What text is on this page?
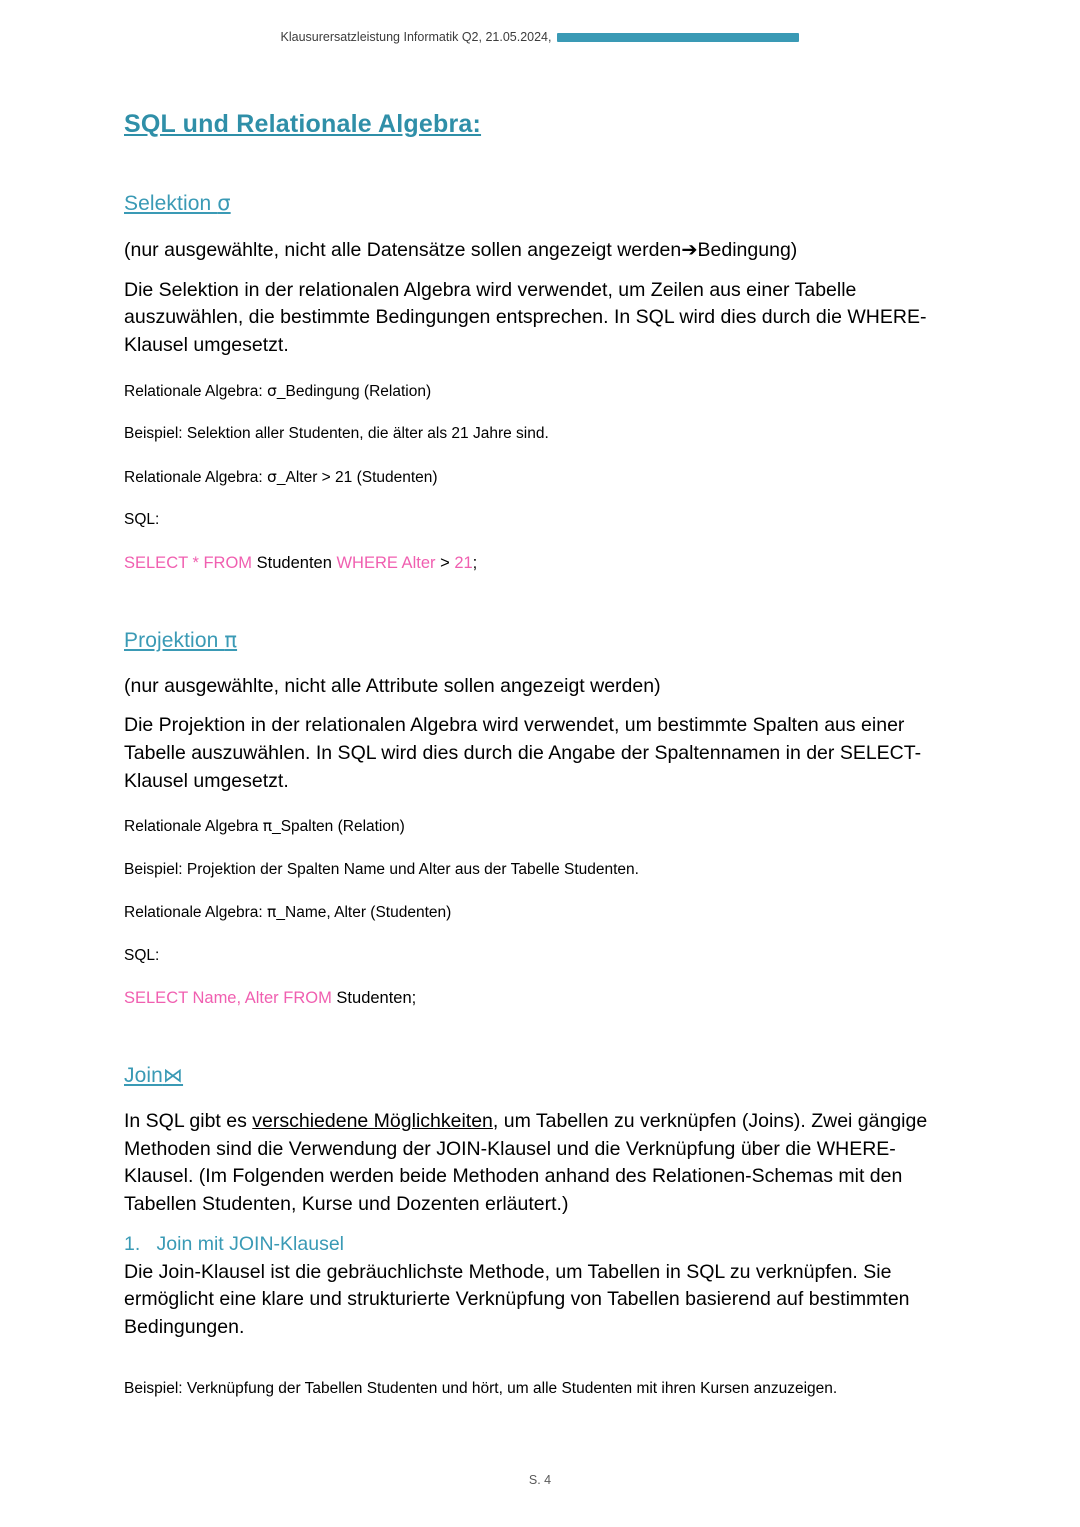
Klausurersatzleistung Informatik Q2, 21.05.2024,
SQL und Relationale Algebra:
Selektion σ

(nur ausgewählte, nicht alle Datensätze sollen angezeigt werden➔Bedingung)

Die Selektion in der relationalen Algebra wird verwendet, um Zeilen aus einer Tabelle auszuwählen, die bestimmte Bedingungen entsprechen. In SQL wird dies durch die WHERE-Klausel umgesetzt.

Relationale Algebra: σ_Bedingung (Relation)

Beispiel: Selektion aller Studenten, die älter als 21 Jahre sind.

Relationale Algebra: σ_Alter > 21 (Studenten)

SQL:

SELECT * FROM Studenten WHERE Alter > 21;

Projektion π

(nur ausgewählte, nicht alle Attribute sollen angezeigt werden)

Die Projektion in der relationalen Algebra wird verwendet, um bestimmte Spalten aus einer Tabelle auszuwählen. In SQL wird dies durch die Angabe der Spaltennamen in der SELECT-Klausel umgesetzt.

Relationale Algebra π_Spalten (Relation)

Beispiel: Projektion der Spalten Name und Alter aus der Tabelle Studenten.

Relationale Algebra: π_Name, Alter (Studenten)

SQL:

SELECT Name, Alter FROM Studenten;

Join⋈

In SQL gibt es verschiedene Möglichkeiten, um Tabellen zu verknüpfen (Joins). Zwei gängige Methoden sind die Verwendung der JOIN-Klausel und die Verknüpfung über die WHERE-Klausel. (Im Folgenden werden beide Methoden anhand des Relationen-Schemas mit den Tabellen Studenten, Kurse und Dozenten erläutert.)

1. Join mit JOIN-Klausel

Die Join-Klausel ist die gebräuchlichste Methode, um Tabellen in SQL zu verknüpfen. Sie ermöglicht eine klare und strukturierte Verknüpfung von Tabellen basierend auf bestimmten Bedingungen.

Beispiel: Verknüpfung der Tabellen Studenten und hört, um alle Studenten mit ihren Kursen anzuzeigen.

S. 4
